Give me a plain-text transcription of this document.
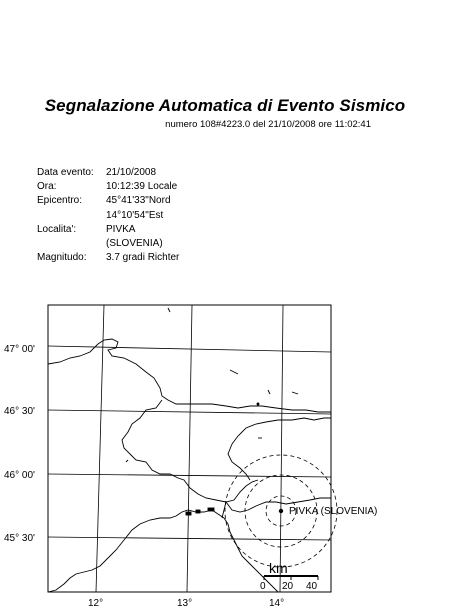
Segnalazione Automatica di Evento Sismico
numero 108#4223.0 del 21/10/2008 ore 11:02:41
Data evento:	21/10/2008
Ora:	10:12:39 Locale
Epicentro:	45°41'33"Nord
14°10'54"Est
Localita':	PIVKA
(SLOVENIA)
Magnitudo:	3.7 gradi Richter
PIVKA (SLOVENIA)
47° 00'
46° 30'
46° 00'
45° 30'
12°	13°	14°
km
0 20 40
